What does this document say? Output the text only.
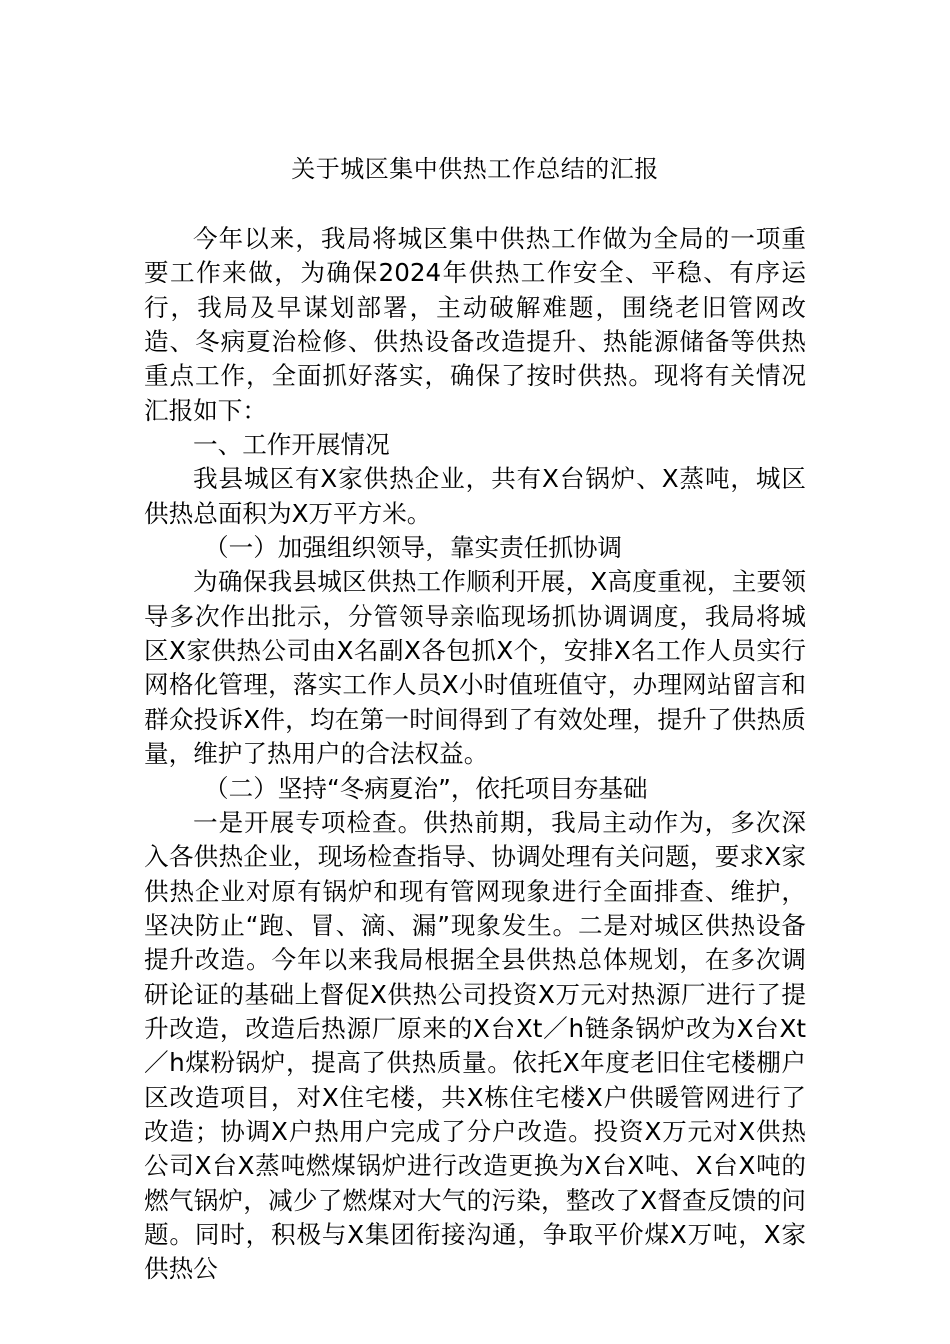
关于城区集中供热工作总结的汇报

今年以来，我局将城区集中供热工作做为全局的一项重要工作来做，为确保2024年供热工作安全、平稳、有序运行，我局及早谋划部署，主动破解难题，围绕老旧管网改造、冬病夏治检修、供热设备改造提升、热能源储备等供热重点工作，全面抓好落实，确保了按时供热。现将有关情况汇报如下：

一、工作开展情况

我县城区有X家供热企业，共有X台锅炉、X蒸吨，城区供热总面积为X万平方米。

（一）加强组织领导，靠实责任抓协调

为确保我县城区供热工作顺利开展，X高度重视，主要领导多次作出批示，分管领导亲临现场抓协调调度，我局将城区X家供热公司由X名副X各包抓X个，安排X名工作人员实行网格化管理，落实工作人员X小时值班值守，办理网站留言和群众投诉X件，均在第一时间得到了有效处理，提升了供热质量，维护了热用户的合法权益。

（二）坚持“冬病夏治”，依托项目夯基础

一是开展专项检查。供热前期，我局主动作为，多次深入各供热企业，现场检查指导、协调处理有关问题，要求X家供热企业对原有锅炉和现有管网现象进行全面排查、维护，坚决防止“跑、冒、滴、漏”现象发生。二是对城区供热设备提升改造。今年以来我局根据全县供热总体规划，在多次调研论证的基础上督促X供热公司投资X万元对热源厂进行了提升改造，改造后热源厂原来的X台Xt／h链条锅炉改为X台Xt／h煤粉锅炉，提高了供热质量。依托X年度老旧住宅楼棚户区改造项目，对X住宅楼，共X栋住宅楼X户供暖管网进行了改造；协调X户热用户完成了分户改造。投资X万元对X供热公司X台X蒸吨燃煤锅炉进行改造更换为X台X吨、X台X吨的燃气锅炉，减少了燃煤对大气的污染，整改了X督查反馈的问题。同时，积极与X集团衔接沟通，争取平价煤X万吨，X家供热公
